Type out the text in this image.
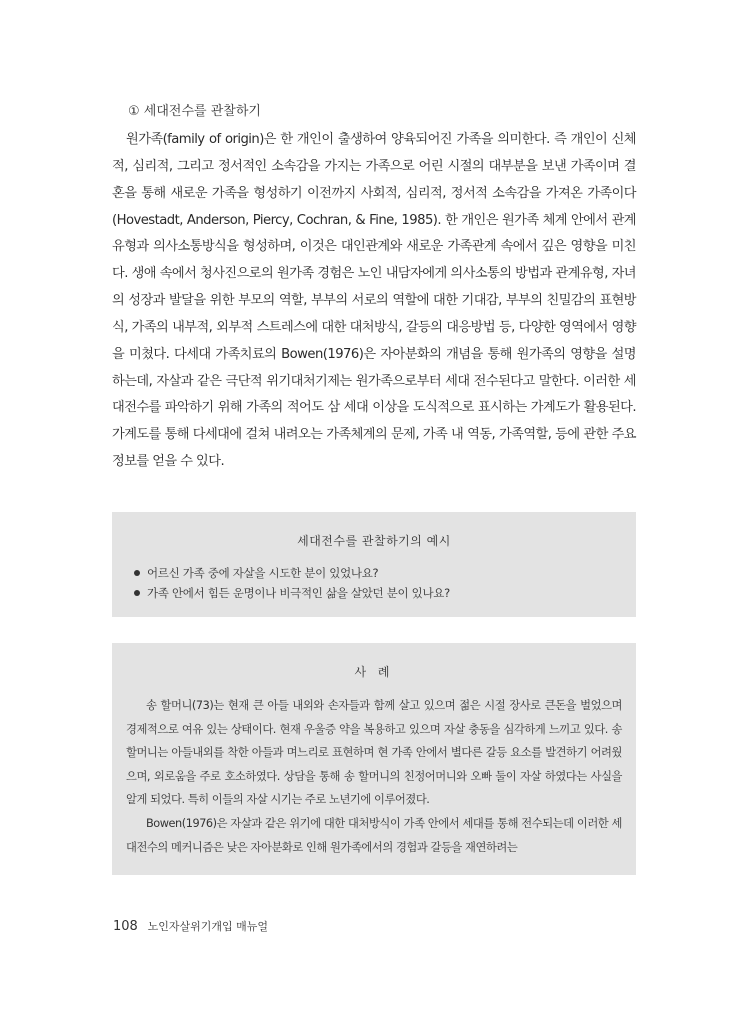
① 세대전수를 관찰하기

원가족(family of origin)은 한 개인이 출생하여 양육되어진 가족을 의미한다. 즉 개인이 신체적, 심리적, 그리고 정서적인 소속감을 가지는 가족으로 어린 시절의 대부분을 보낸 가족이며 결혼을 통해 새로운 가족을 형성하기 이전까지 사회적, 심리적, 정서적 소속감을 가져온 가족이다(Hovestadt, Anderson, Piercy, Cochran, & Fine, 1985). 한 개인은 원가족 체계 안에서 관계유형과 의사소통방식을 형성하며, 이것은 대인관계와 새로운 가족관계 속에서 깊은 영향을 미친다. 생애 속에서 청사진으로의 원가족 경험은 노인 내담자에게 의사소통의 방법과 관계유형, 자녀의 성장과 발달을 위한 부모의 역할, 부부의 서로의 역할에 대한 기대감, 부부의 친밀감의 표현방식, 가족의 내부적, 외부적 스트레스에 대한 대처방식, 갈등의 대응방법 등, 다양한 영역에서 영향을 미쳤다. 다세대 가족치료의 Bowen(1976)은 자아분화의 개념을 통해 원가족의 영향을 설명하는데, 자살과 같은 극단적 위기대처기제는 원가족으로부터 세대 전수된다고 말한다. 이러한 세대전수를 파악하기 위해 가족의 적어도 삼 세대 이상을 도식적으로 표시하는 가계도가 활용된다. 가계도를 통해 다세대에 걸쳐 내려오는 가족체계의 문제, 가족 내 역동, 가족역할, 등에 관한 주요 정보를 얻을 수 있다.

세대전수를 관찰하기의 예시
어르신 가족 중에 자살을 시도한 분이 있었나요?
가족 안에서 힘든 운명이나 비극적인 삶을 살았던 분이 있나요?
사 례

송 할머니(73)는 현재 큰 아들 내외와 손자들과 함께 살고 있으며 젊은 시절 장사로 큰돈을 벌었으며 경제적으로 여유 있는 상태이다. 현재 우울증 약을 복용하고 있으며 자살 충동을 심각하게 느끼고 있다. 송 할머니는 아들내외를 착한 아들과 며느리로 표현하며 현 가족 안에서 별다른 갈등 요소를 발견하기 어려웠으며, 외로움을 주로 호소하였다. 상담을 통해 송 할머니의 친정어머니와 오빠 둘이 자살 하였다는 사실을 알게 되었다. 특히 이들의 자살 시기는 주로 노년기에 이루어졌다.

Bowen(1976)은 자살과 같은 위기에 대한 대처방식이 가족 안에서 세대를 통해 전수되는데 이러한 세대전수의 메커니즘은 낮은 자아분화로 인해 원가족에서의 경험과 갈등을 재연하려는

108 노인자살위기개입 매뉴얼
